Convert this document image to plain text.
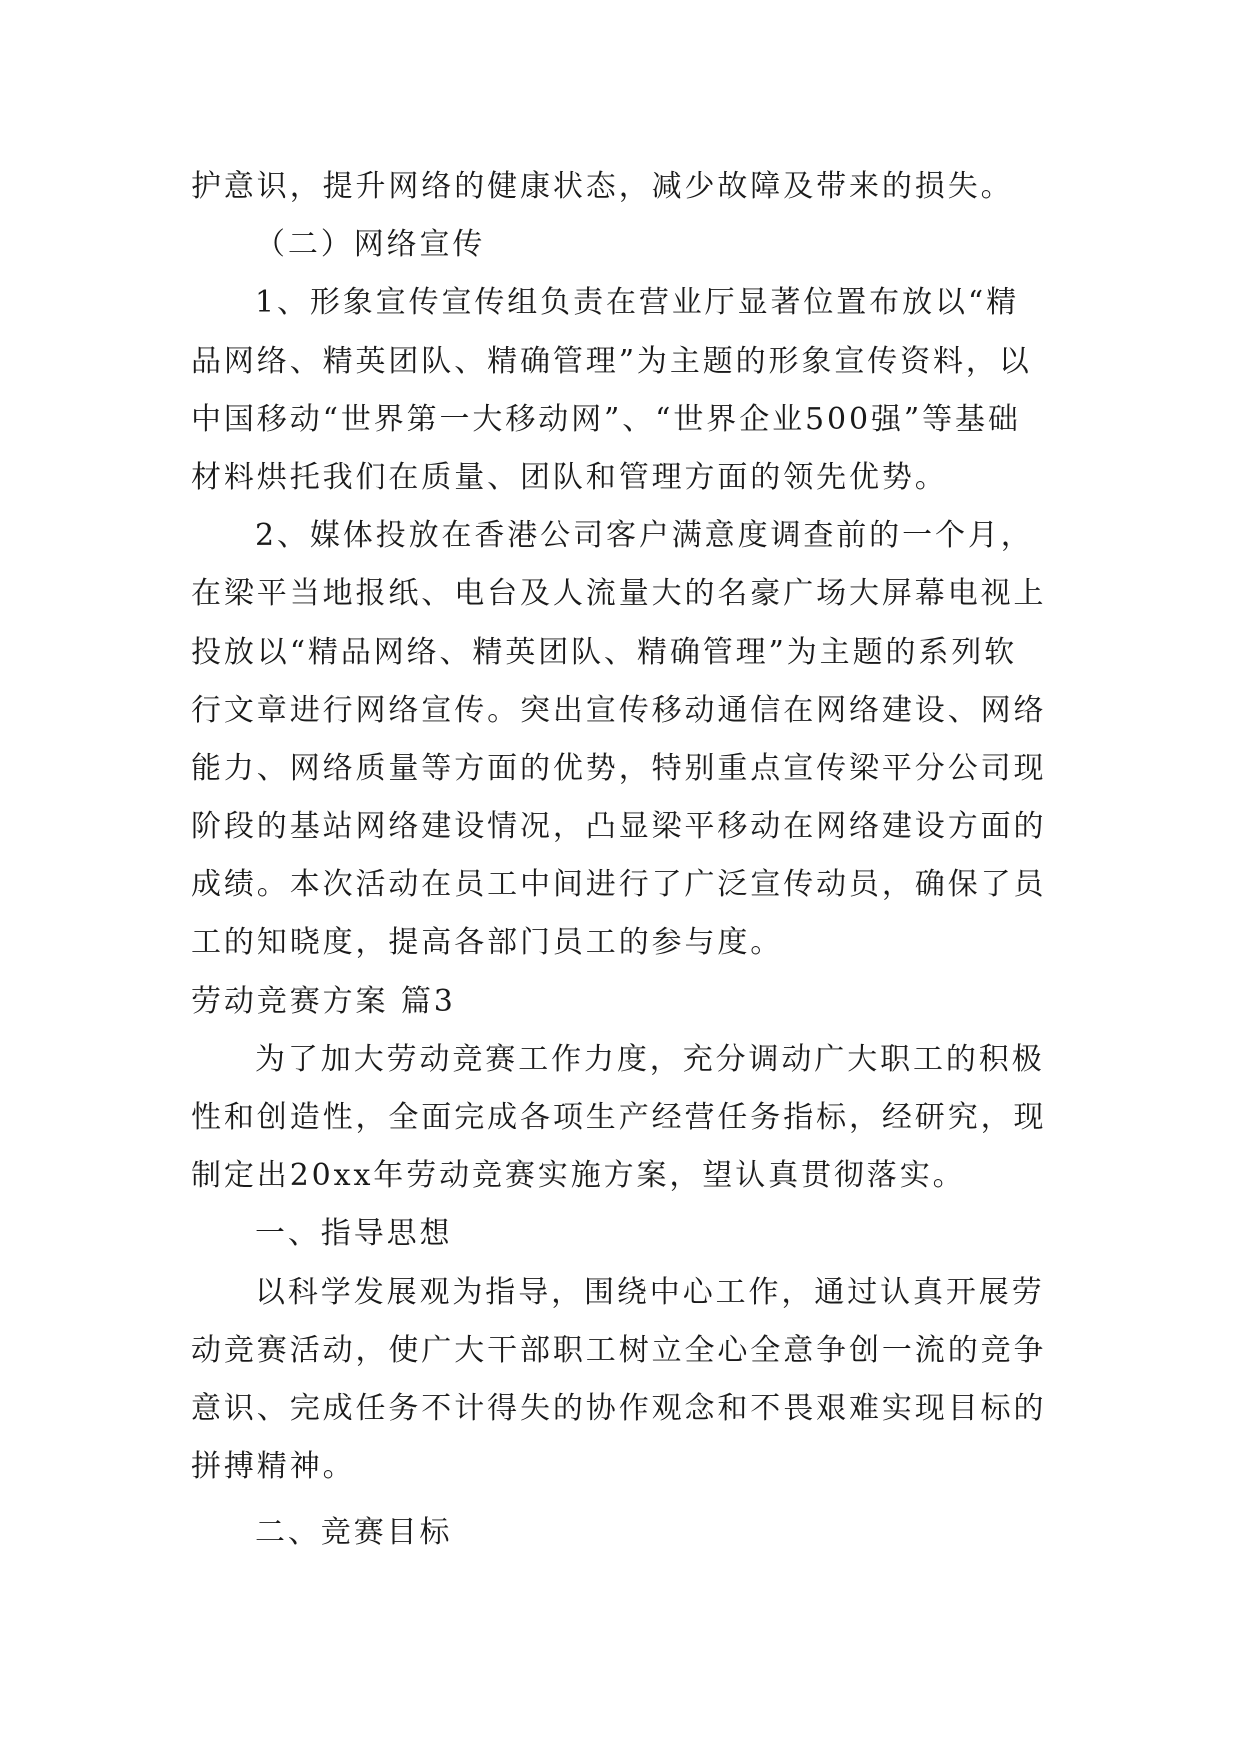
护意识，提升网络的健康状态，减少故障及带来的损失。

（二）网络宣传

1、形象宣传宣传组负责在营业厅显著位置布放以“精

品网络、精英团队、精确管理”为主题的形象宣传资料，以

中国移动“世界第一大移动网”、“世界企业500强”等基础

材料烘托我们在质量、团队和管理方面的领先优势。

2、媒体投放在香港公司客户满意度调查前的一个月，

在梁平当地报纸、电台及人流量大的名豪广场大屏幕电视上

投放以“精品网络、精英团队、精确管理”为主题的系列软

行文章进行网络宣传。突出宣传移动通信在网络建设、网络

能力、网络质量等方面的优势，特别重点宣传梁平分公司现

阶段的基站网络建设情况，凸显梁平移动在网络建设方面的

成绩。本次活动在员工中间进行了广泛宣传动员，确保了员

工的知晓度，提高各部门员工的参与度。

劳动竞赛方案 篇3

为了加大劳动竞赛工作力度，充分调动广大职工的积极

性和创造性，全面完成各项生产经营任务指标，经研究，现

制定出20xx年劳动竞赛实施方案，望认真贯彻落实。

一、指导思想

以科学发展观为指导，围绕中心工作，通过认真开展劳

动竞赛活动，使广大干部职工树立全心全意争创一流的竞争

意识、完成任务不计得失的协作观念和不畏艰难实现目标的

拼搏精神。

二、竞赛目标
